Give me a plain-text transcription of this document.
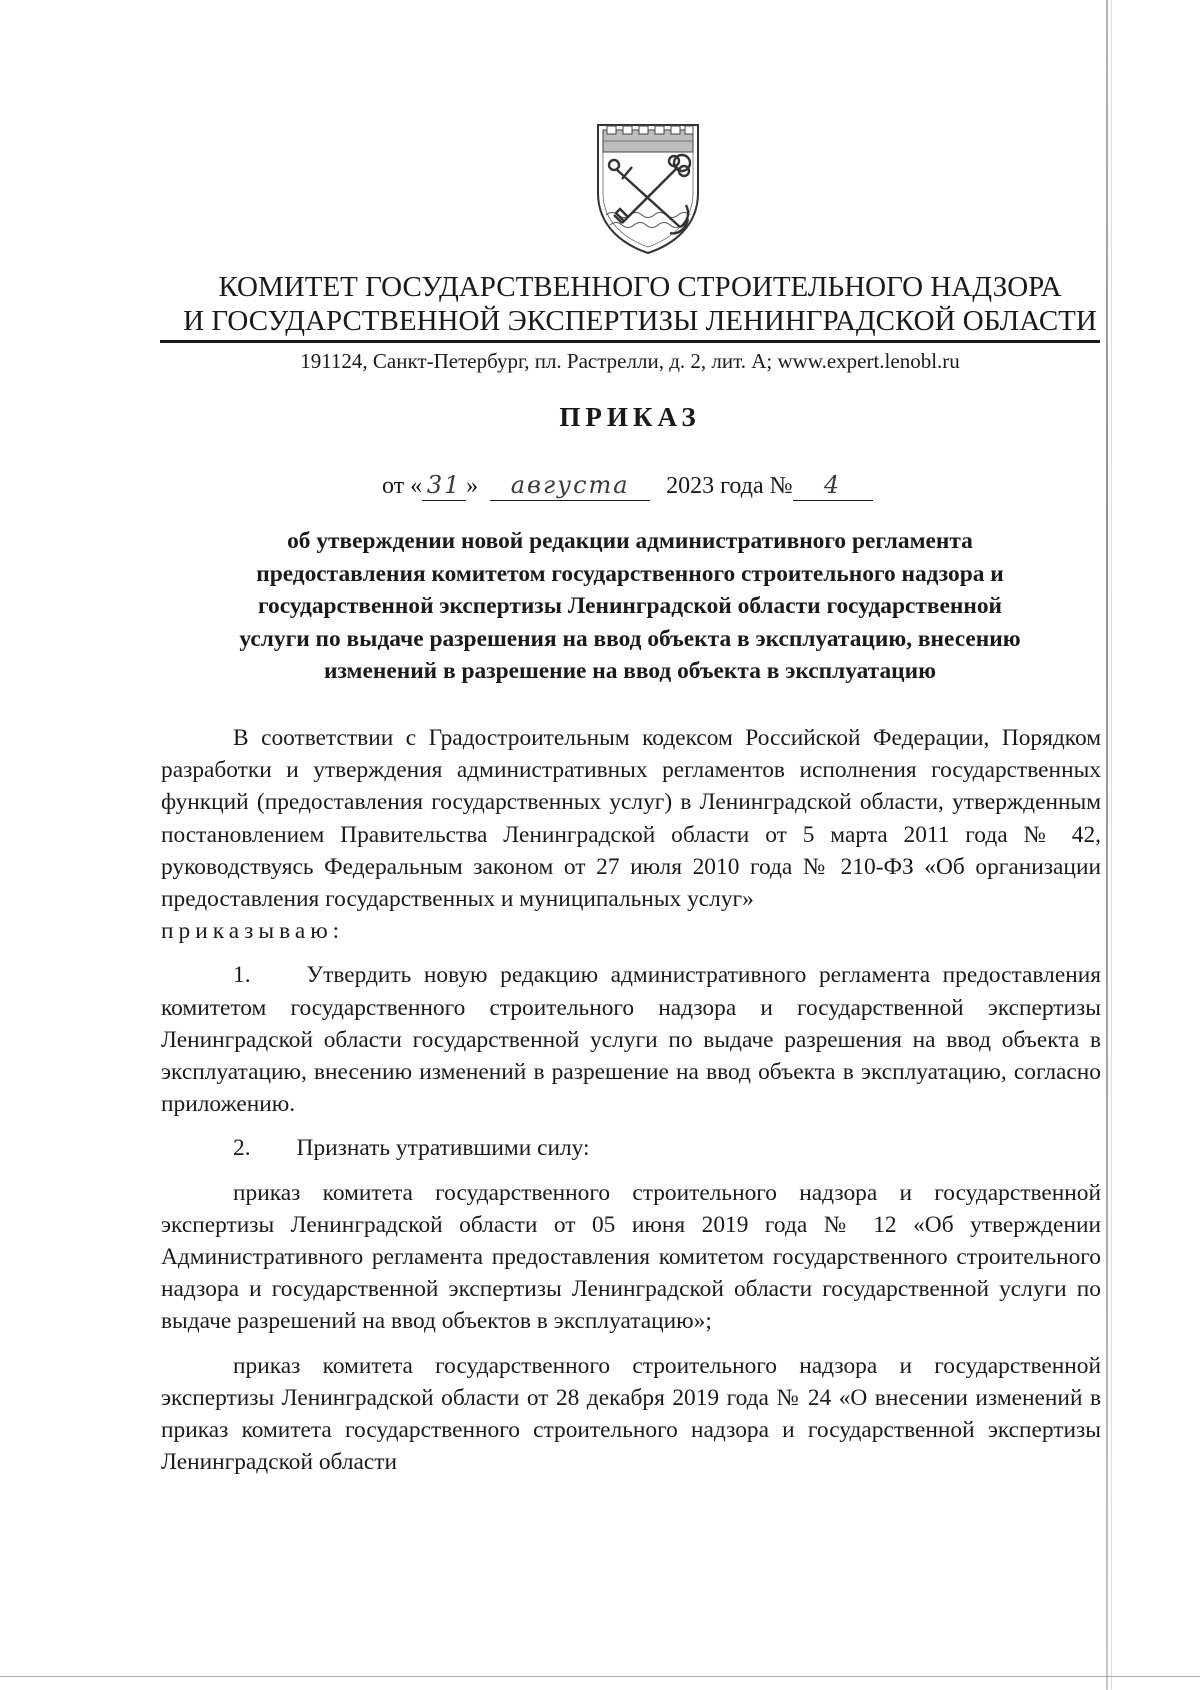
КОМИТЕТ ГОСУДАРСТВЕННОГО СТРОИТЕЛЬНОГО НАДЗОРА
И ГОСУДАРСТВЕННОЙ ЭКСПЕРТИЗЫ ЛЕНИНГРАДСКОЙ ОБЛАСТИ
191124, Санкт-Петербург, пл. Растрелли, д. 2, лит. А; www.expert.lenobl.ru
ПРИКАЗ
от « 31 » августа 2023 года № 4
об утверждении новой редакции административного регламента
предоставления комитетом государственного строительного надзора и
государственной экспертизы Ленинградской области государственной
услуги по выдаче разрешения на ввод объекта в эксплуатацию, внесению
изменений в разрешение на ввод объекта в эксплуатацию

В соответствии с Градостроительным кодексом Российской Федерации, Порядком разработки и утверждения административных регламентов исполнения государственных функций (предоставления государственных услуг) в Ленинградской области, утвержденным постановлением Правительства Ленинградской области от 5 марта 2011 года № 42, руководствуясь Федеральным законом от 27 июля 2010 года № 210-ФЗ «Об организации предоставления государственных и муниципальных услуг»

приказываю:

1. Утвердить новую редакцию административного регламента предоставления комитетом государственного строительного надзора и государственной экспертизы Ленинградской области государственной услуги по выдаче разрешения на ввод объекта в эксплуатацию, внесению изменений в разрешение на ввод объекта в эксплуатацию, согласно приложению.

2. Признать утратившими силу:

приказ комитета государственного строительного надзора и государственной экспертизы Ленинградской области от 05 июня 2019 года № 12 «Об утверждении Административного регламента предоставления комитетом государственного строительного надзора и государственной экспертизы Ленинградской области государственной услуги по выдаче разрешений на ввод объектов в эксплуатацию»;

приказ комитета государственного строительного надзора и государственной экспертизы Ленинградской области от 28 декабря 2019 года № 24 «О внесении изменений в приказ комитета государственного строительного надзора и государственной экспертизы Ленинградской области
